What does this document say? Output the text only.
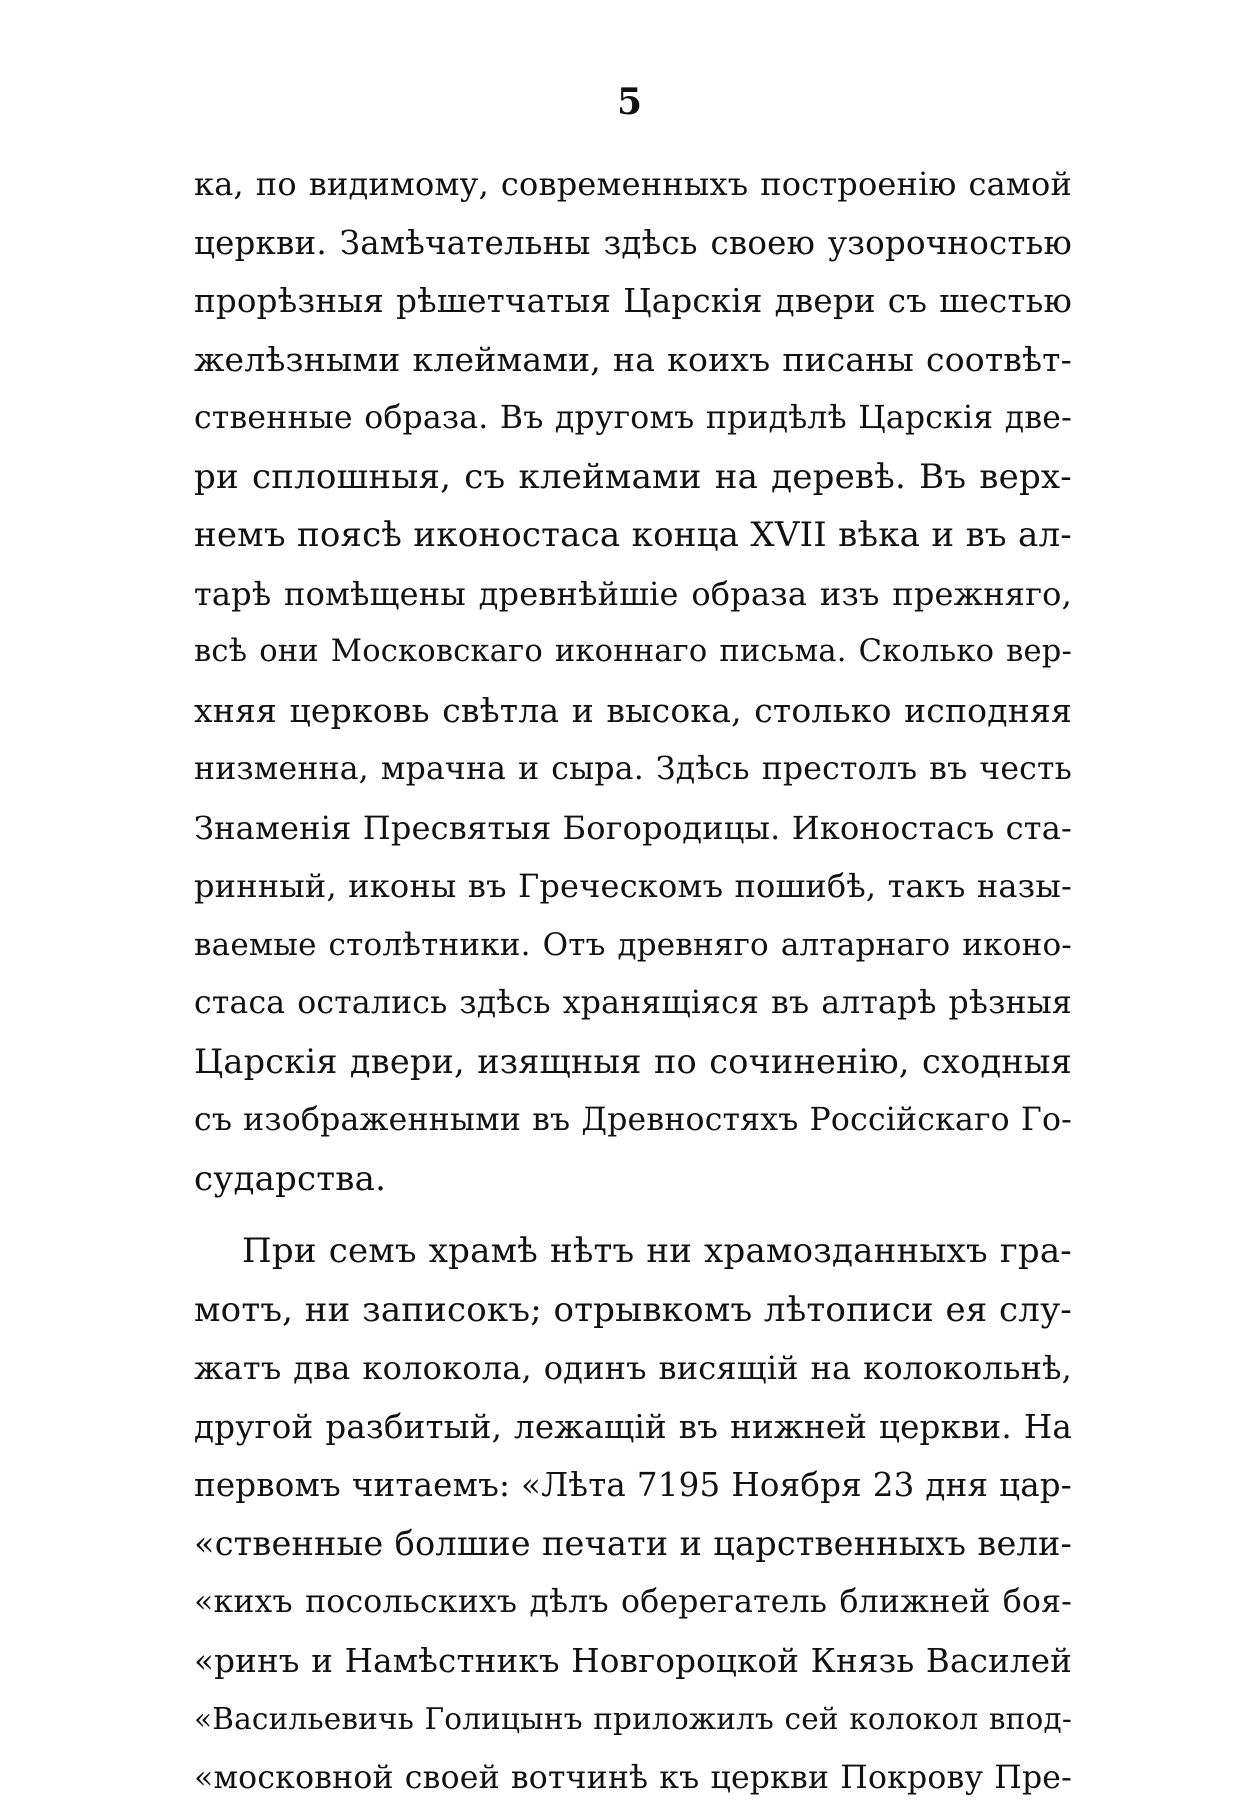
5
ка, по видимому, современныхъ построенію самой
церкви. Замѣчательны здѣсь своею узорочностью
прорѣзныя рѣшетчатыя Царскія двери съ шестью
желѣзными клеймами, на коихъ писаны соотвѣт-
ственные образа. Въ другомъ придѣлѣ Царскія две-
ри сплошныя, съ клеймами на деревѣ. Въ верх-
немъ поясѣ иконостаса конца XVII вѣка и въ ал-
тарѣ помѣщены древнѣйшіе образа изъ прежняго,
всѣ они Московскаго иконнаго письма. Сколько вер-
хняя церковь свѣтла и высока, столько исподняя
низменна, мрачна и сыра. Здѣсь престолъ въ честь
Знаменія Пресвятыя Богородицы. Иконостасъ ста-
ринный, иконы въ Греческомъ пошибѣ, такъ назы-
ваемые столѣтники. Отъ древняго алтарнаго иконо-
стаса остались здѣсь хранящіяся въ алтарѣ рѣзныя
Царскія двери, изящныя по сочиненію, сходныя
съ изображенными въ Древностяхъ Россійскаго Го-
сударства.
При семъ храмѣ нѣтъ ни храмозданныхъ гра-
мотъ, ни записокъ; отрывкомъ лѣтописи ея слу-
жатъ два колокола, одинъ висящій на колокольнѣ,
другой разбитый, лежащій въ нижней церкви. На
первомъ читаемъ: «Лѣта 7195 Ноября 23 дня цар-
«ственные болшие печати и царственныхъ вели-
«кихъ посольскихъ дѣлъ оберегатель ближней боя-
«ринъ и Намѣстникъ Новгороцкой Князь Василей
«Васильевичь Голицынъ приложилъ сей колокол впод-
«московной своей вотчинѣ къ церкви Покрову Пре-
